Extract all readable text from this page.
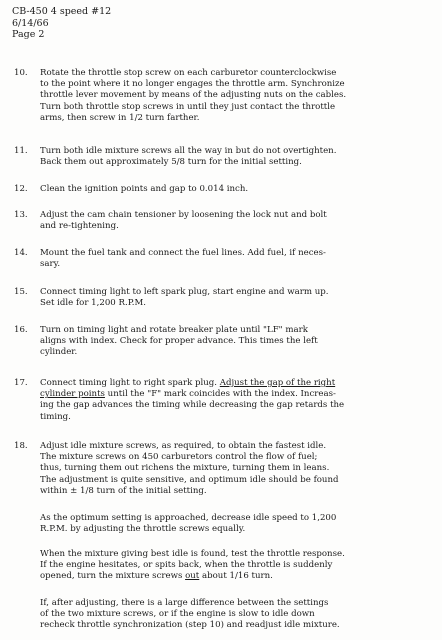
CB-450 4 speed #12
6/14/66
Page 2
10.	Rotate the throttle stop screw on each carburetor counterclockwise
to the point where it no longer engages the throttle arm. Synchronize
throttle lever movement by means of the adjusting nuts on the cables.
Turn both throttle stop screws in until they just contact the throttle
arms, then screw in 1/2 turn farther.
11.	Turn both idle mixture screws all the way in but do not overtighten.
Back them out approximately 5/8 turn for the initial setting.
12.	Clean the ignition points and gap to 0.014 inch.
13.	Adjust the cam chain tensioner by loosening the lock nut and bolt
and re-tightening.
14.	Mount the fuel tank and connect the fuel lines. Add fuel, if neces-
sary.
15.	Connect timing light to left spark plug, start engine and warm up.
Set idle for 1,200 R.P.M.
16.	Turn on timing light and rotate breaker plate until "LF" mark
aligns with index. Check for proper advance. This times the left
cylinder.
17.	Connect timing light to right spark plug. Adjust the gap of the right
cylinder points until the "F" mark coincides with the index. Increas-
ing the gap advances the timing while decreasing the gap retards the
timing.
18.	Adjust idle mixture screws, as required, to obtain the fastest idle.
The mixture screws on 450 carburetors control the flow of fuel;
thus, turning them out richens the mixture, turning them in leans.
The adjustment is quite sensitive, and optimum idle should be found
within ± 1/8 turn of the initial setting.
As the optimum setting is approached, decrease idle speed to 1,200
R.P.M. by adjusting the throttle screws equally.
When the mixture giving best idle is found, test the throttle response.
If the engine hesitates, or spits back, when the throttle is suddenly
opened, turn the mixture screws out about 1/16 turn.
If, after adjusting, there is a large difference between the settings
of the two mixture screws, or if the engine is slow to idle down
recheck throttle synchronization (step 10) and readjust idle mixture.
